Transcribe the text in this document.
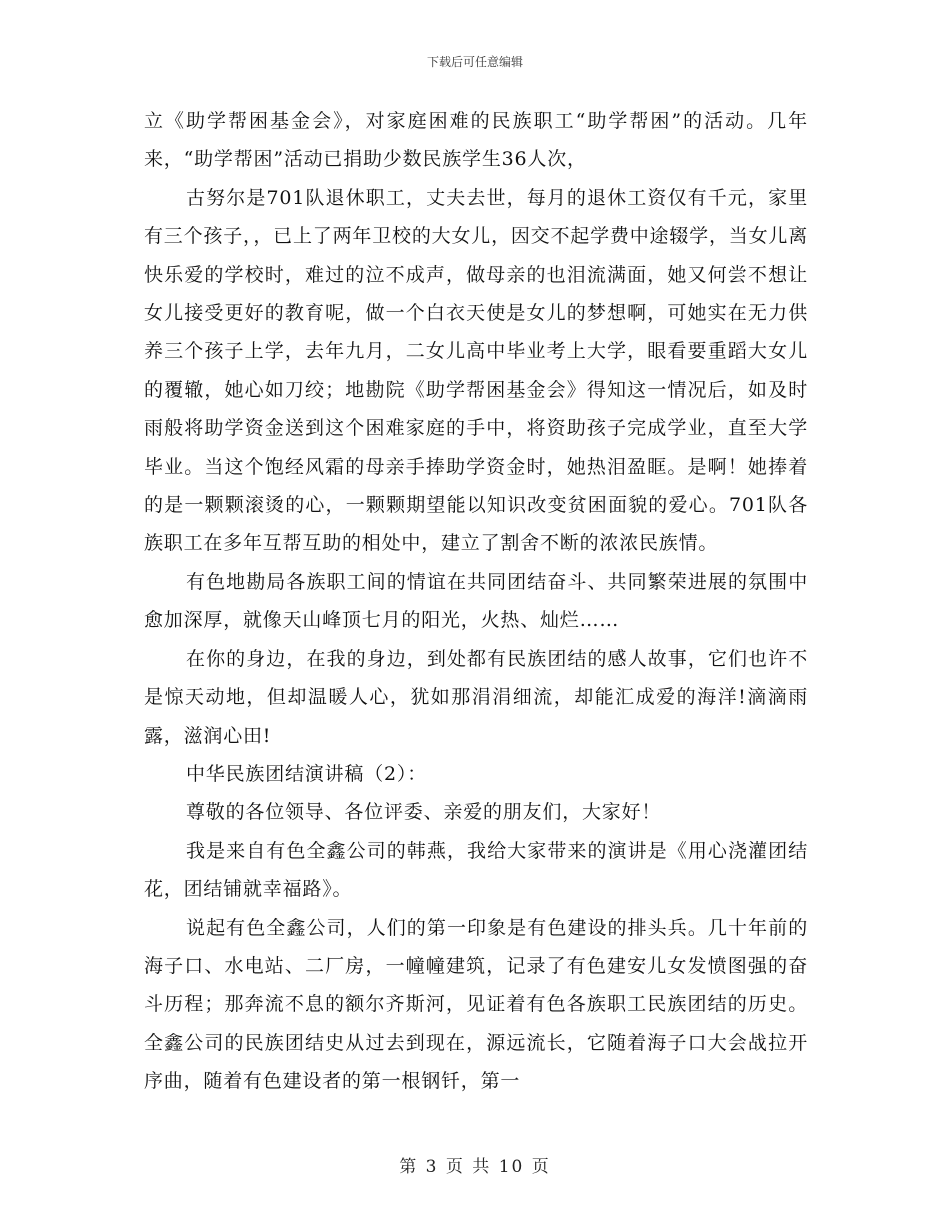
下载后可任意编辑

立《助学帮困基金会》，对家庭困难的民族职工“助学帮困”的活动。几年来，“助学帮困”活动已捐助少数民族学生36人次，

古努尔是701队退休职工，丈夫去世，每月的退休工资仅有千元，家里有三个孩子，，已上了两年卫校的大女儿，因交不起学费中途辍学，当女儿离快乐爱的学校时，难过的泣不成声，做母亲的也泪流满面，她又何尝不想让女儿接受更好的教育呢，做一个白衣天使是女儿的梦想啊，可她实在无力供养三个孩子上学，去年九月，二女儿高中毕业考上大学，眼看要重蹈大女儿的覆辙，她心如刀绞；地勘院《助学帮困基金会》得知这一情况后，如及时雨般将助学资金送到这个困难家庭的手中，将资助孩子完成学业，直至大学毕业。当这个饱经风霜的母亲手捧助学资金时，她热泪盈眶。是啊！她捧着的是一颗颗滚烫的心，一颗颗期望能以知识改变贫困面貌的爱心。701队各族职工在多年互帮互助的相处中，建立了割舍不断的浓浓民族情。

有色地勘局各族职工间的情谊在共同团结奋斗、共同繁荣进展的氛围中愈加深厚，就像天山峰顶七月的阳光，火热、灿烂……

在你的身边，在我的身边，到处都有民族团结的感人故事，它们也许不是惊天动地，但却温暖人心，犹如那涓涓细流，却能汇成爱的海洋!滴滴雨露，滋润心田!

中华民族团结演讲稿（2）：

尊敬的各位领导、各位评委、亲爱的朋友们，大家好！

我是来自有色全鑫公司的韩燕，我给大家带来的演讲是《用心浇灌团结花，团结铺就幸福路》。

说起有色全鑫公司，人们的第一印象是有色建设的排头兵。几十年前的海子口、水电站、二厂房，一幢幢建筑，记录了有色建安儿女发愤图强的奋斗历程；那奔流不息的额尔齐斯河，见证着有色各族职工民族团结的历史。全鑫公司的民族团结史从过去到现在，源远流长，它随着海子口大会战拉开序曲，随着有色建设者的第一根钢钎，第一

第 3 页 共 10 页
